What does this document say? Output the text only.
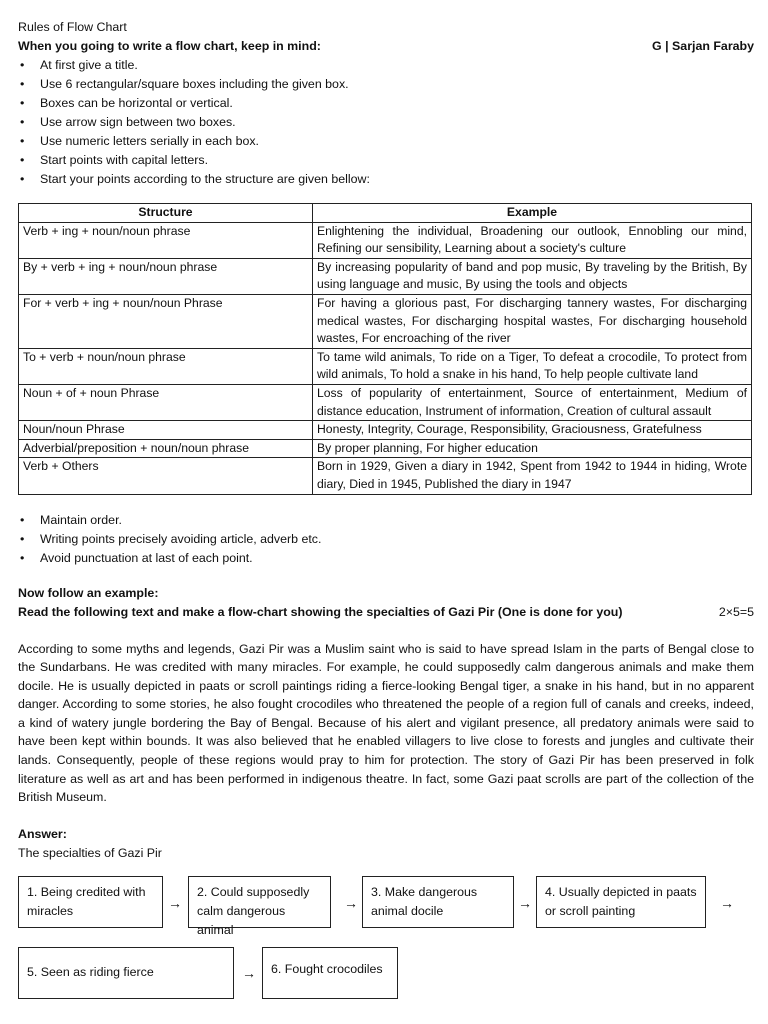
Rules of Flow Chart
When you going to write a flow chart, keep in mind:	G | Sarjan Faraby
• At first give a title.
• Use 6 rectangular/square boxes including the given box.
• Boxes can be horizontal or vertical.
• Use arrow sign between two boxes.
• Use numeric letters serially in each box.
• Start points with capital letters.
• Start your points according to the structure are given bellow:
Structure	Example
Verb + ing + noun/noun phrase	Enlightening the individual, Broadening our outlook, Ennobling our mind, Refining our sensibility, Learning about a society's culture
By + verb + ing + noun/noun phrase	By increasing popularity of band and pop music, By traveling by the British, By using language and music, By using the tools and objects
For + verb + ing + noun/noun Phrase	For having a glorious past, For discharging tannery wastes, For discharging medical wastes, For discharging hospital wastes, For discharging household wastes, For encroaching of the river
To + verb + noun/noun phrase	To tame wild animals, To ride on a Tiger, To defeat a crocodile, To protect from wild animals, To hold a snake in his hand, To help people cultivate land
Noun + of + noun Phrase	Loss of popularity of entertainment, Source of entertainment, Medium of distance education, Instrument of information, Creation of cultural assault
Noun/noun Phrase	Honesty, Integrity, Courage, Responsibility, Graciousness, Gratefulness
Adverbial/preposition + noun/noun phrase	By proper planning, For higher education
Verb + Others	Born in 1929, Given a diary in 1942, Spent from 1942 to 1944 in hiding, Wrote diary, Died in 1945, Published the diary in 1947
• Maintain order.
• Writing points precisely avoiding article, adverb etc.
• Avoid punctuation at last of each point.
Now follow an example:
Read the following text and make a flow-chart showing the specialties of Gazi Pir (One is done for you)	2×5=5
According to some myths and legends, Gazi Pir was a Muslim saint who is said to have spread Islam in the parts of Bengal close to the Sundarbans. He was credited with many miracles. For example, he could supposedly calm dangerous animals and make them docile. He is usually depicted in paats or scroll paintings riding a fierce-looking Bengal tiger, a snake in his hand, but in no apparent danger. According to some stories, he also fought crocodiles who threatened the people of a region full of canals and creeks, indeed, a kind of watery jungle bordering the Bay of Bengal. Because of his alert and vigilant presence, all predatory animals were said to have been kept within bounds. It was also believed that he enabled villagers to live close to forests and jungles and cultivate their lands. Consequently, people of these regions would pray to him for protection. The story of Gazi Pir has been preserved in folk literature as well as art and has been performed in indigenous theatre. In fact, some Gazi paat scrolls are part of the collection of the British Museum.
Answer:
The specialties of Gazi Pir
1. Being credited with miracles	→
2. Could supposedly calm dangerous animal
→
3. Make dangerous animal docile	→
4. Usually depicted in paats or scroll painting	→
5. Seen as riding fierce	→	6. Fought crocodiles
